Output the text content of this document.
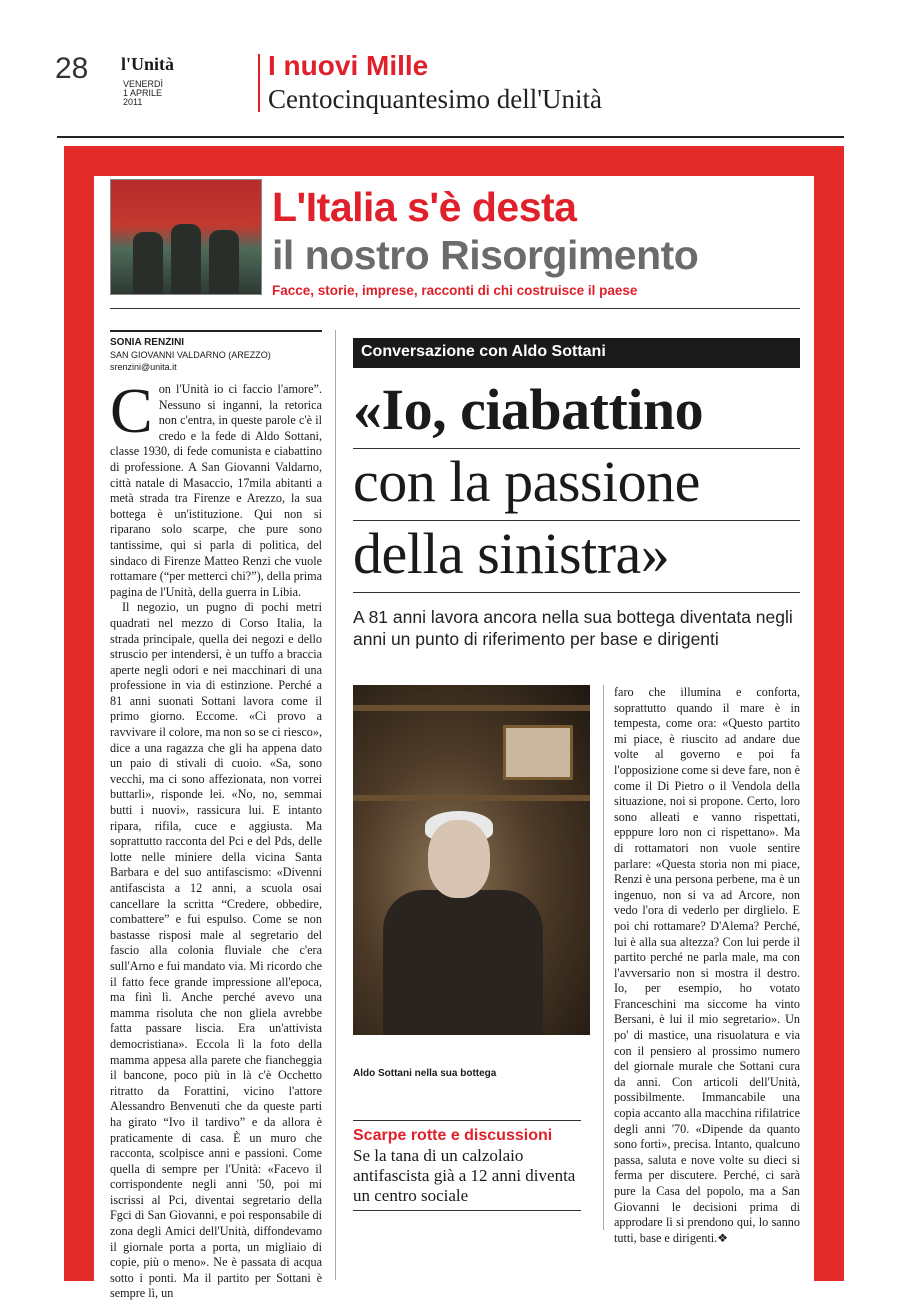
28 l'Unità
VENERDÌ
1 APRILE
2011
I nuovi Mille
Centocinquantesimo dell'Unità
L'Italia s'è desta
il nostro Risorgimento
Facce, storie, imprese, racconti di chi costruisce il paese
SONIA RENZINI
SAN GIOVANNI VALDARNO (AREZZO)
srenzini@unita.it

Con l'Unità io ci faccio l'amore”. Nessuno si inganni, la retorica non c'entra, in queste parole c'è il credo e la fede di Aldo Sottani, classe 1930, di fede comunista e ciabattino di professione. A San Giovanni Valdarno, città natale di Masaccio, 17mila abitanti a metà strada tra Firenze e Arezzo, la sua bottega è un'istituzione. Qui non si riparano solo scarpe, che pure sono tantissime, qui si parla di politica, del sindaco di Firenze Matteo Renzi che vuole rottamare (“per metterci chi?”), della prima pagina de l'Unità, della guerra in Libia.

Il negozio, un pugno di pochi metri quadrati nel mezzo di Corso Italia, la strada principale, quella dei negozi e dello struscio per intendersi, è un tuffo a braccia aperte negli odori e nei macchinari di una professione in via di estinzione. Perché a 81 anni suonati Sottani lavora come il primo giorno. Eccome. «Ci provo a ravvivare il colore, ma non so se ci riesco», dice a una ragazza che gli ha appena dato un paio di stivali di cuoio. «Sa, sono vecchi, ma ci sono affezionata, non vorrei buttarli», risponde lei. «No, no, semmai butti i nuovi», rassicura lui. E intanto ripara, rifila, cuce e aggiusta. Ma soprattutto racconta del Pci e del Pds, delle lotte nelle miniere della vicina Santa Barbara e del suo antifascismo: «Divenni antifascista a 12 anni, a scuola osai cancellare la scritta “Credere, obbedire, combattere” e fui espulso. Come se non bastasse risposi male al segretario del fascio alla colonia fluviale che c'era sull'Arno e fui mandato via. Mi ricordo che il fatto fece grande impressione all'epoca, ma finì lì. Anche perché avevo una mamma risoluta che non gliela avrebbe fatta passare liscia. Era un'attivista democristiana». Eccola lì la foto della mamma appesa alla parete che fiancheggia il bancone, poco più in là c'è Occhetto ritratto da Forattini, vicino l'attore Alessandro Benvenuti che da queste parti ha girato “Ivo il tardivo” e da allora è praticamente di casa. È un muro che racconta, scolpisce anni e passioni. Come quella di sempre per l'Unità: «Facevo il corrispondente negli anni '50, poi mi iscrissi al Pci, diventai segretario della Fgci di San Giovanni, e poi responsabile di zona degli Amici dell'Unità, diffondevamo il giornale porta a porta, un migliaio di copie, più o meno». Ne è passata di acqua sotto i ponti. Ma il partito per Sottani è sempre lì, un

Conversazione con Aldo Sottani
«Io, ciabattino
con la passione
della sinistra»
A 81 anni lavora ancora nella sua bottega diventata negli anni un punto di riferimento per base e dirigenti
Aldo Sottani nella sua bottega
Scarpe rotte e discussioni
Se la tana di un calzolaio antifascista già a 12 anni diventa un centro sociale

faro che illumina e conforta, soprattutto quando il mare è in tempesta, come ora: «Questo partito mi piace, è riuscito ad andare due volte al governo e poi fa l'opposizione come si deve fare, non è come il Di Pietro o il Vendola della situazione, noi si propone. Certo, loro sono alleati e vanno rispettati, epppure loro non ci rispettano». Ma di rottamatori non vuole sentire parlare: «Questa storia non mi piace, Renzi è una persona perbene, ma è un ingenuo, non si va ad Arcore, non vedo l'ora di vederlo per dirglielo. E poi chi rottamare? D'Alema? Perché, lui è alla sua altezza? Con lui perde il partito perché ne parla male, ma con l'avversario non si mostra il destro. Io, per esempio, ho votato Franceschini ma siccome ha vinto Bersani, è lui il mio segretario». Un po' di mastice, una risuolatura e via con il pensiero al prossimo numero del giornale murale che Sottani cura da anni. Con articoli dell'Unità, possibilmente. Immancabile una copia accanto alla macchina rifilatrice degli anni '70. «Dipende da quanto sono forti», precisa. Intanto, qualcuno passa, saluta e nove volte su dieci si ferma per discutere. Perché, ci sarà pure la Casa del popolo, ma a San Giovanni le decisioni prima di approdare lì si prendono qui, lo sanno tutti, base e dirigenti.❖
